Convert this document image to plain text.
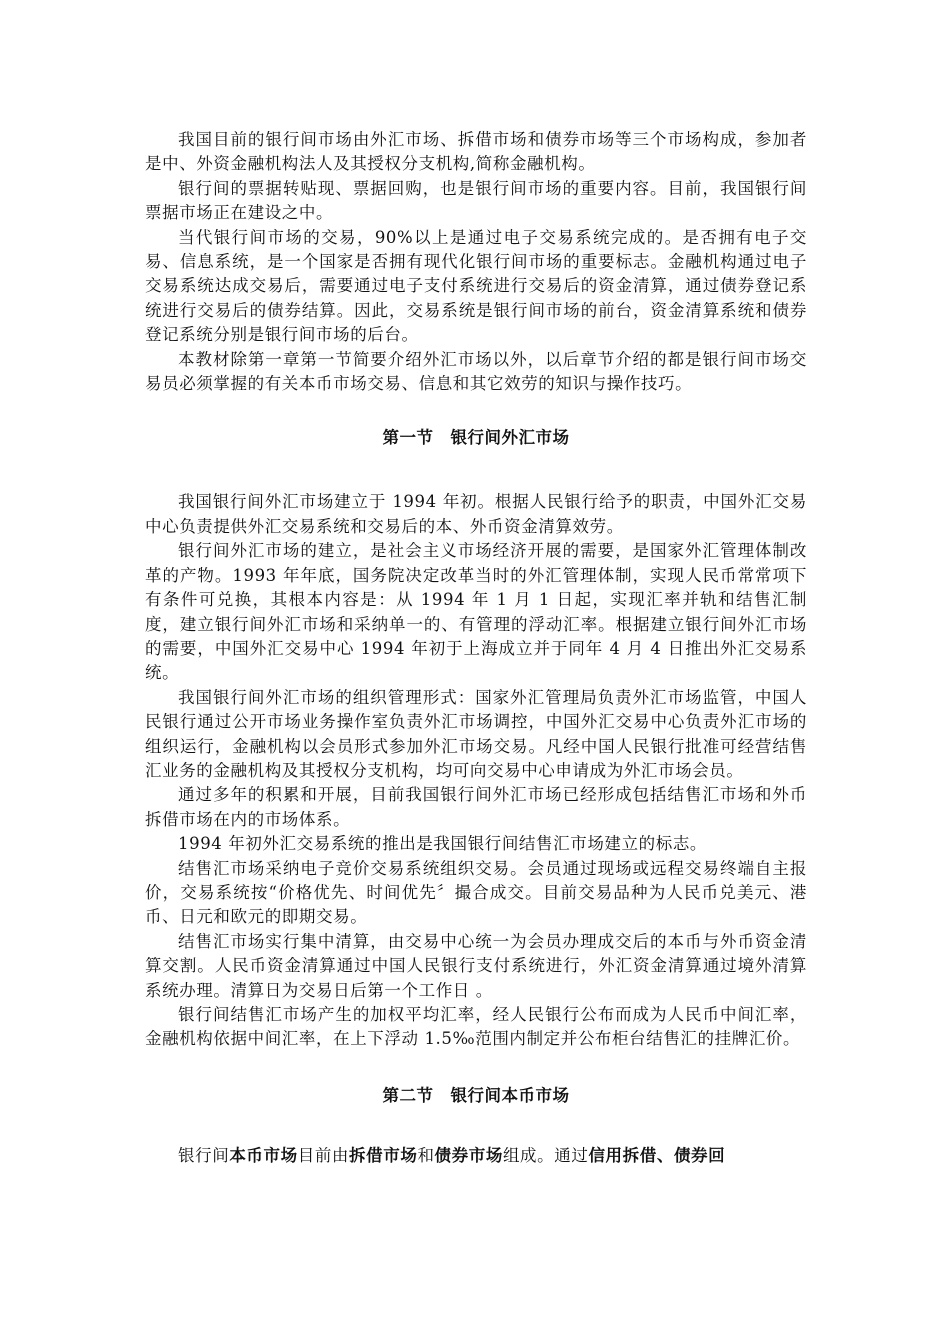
我国目前的银行间市场由外汇市场、拆借市场和债券市场等三个市场构成，参加者是中、外资金融机构法人及其授权分支机构,简称金融机构。

银行间的票据转贴现、票据回购，也是银行间市场的重要内容。目前，我国银行间票据市场正在建设之中。

当代银行间市场的交易，90%以上是通过电子交易系统完成的。是否拥有电子交易、信息系统，是一个国家是否拥有现代化银行间市场的重要标志。金融机构通过电子交易系统达成交易后，需要通过电子支付系统进行交易后的资金清算，通过债券登记系统进行交易后的债券结算。因此，交易系统是银行间市场的前台，资金清算系统和债券登记系统分别是银行间市场的后台。

本教材除第一章第一节简要介绍外汇市场以外，以后章节介绍的都是银行间市场交易员必须掌握的有关本币市场交易、信息和其它效劳的知识与操作技巧。

第一节　银行间外汇市场

我国银行间外汇市场建立于 1994 年初。根据人民银行给予的职责，中国外汇交易中心负责提供外汇交易系统和交易后的本、外币资金清算效劳。

银行间外汇市场的建立，是社会主义市场经济开展的需要，是国家外汇管理体制改革的产物。1993 年年底，国务院决定改革当时的外汇管理体制，实现人民币常常项下有条件可兑换，其根本内容是：从 1994 年 1 月 1 日起，实现汇率并轨和结售汇制度，建立银行间外汇市场和采纳单一的、有管理的浮动汇率。根据建立银行间外汇市场的需要，中国外汇交易中心 1994 年初于上海成立并于同年 4 月 4 日推出外汇交易系统。

我国银行间外汇市场的组织管理形式：国家外汇管理局负责外汇市场监管，中国人民银行通过公开市场业务操作室负责外汇市场调控，中国外汇交易中心负责外汇市场的组织运行，金融机构以会员形式参加外汇市场交易。凡经中国人民银行批准可经营结售汇业务的金融机构及其授权分支机构，均可向交易中心申请成为外汇市场会员。

通过多年的积累和开展，目前我国银行间外汇市场已经形成包括结售汇市场和外币拆借市场在内的市场体系。

1994 年初外汇交易系统的推出是我国银行间结售汇市场建立的标志。

结售汇市场采纳电子竞价交易系统组织交易。会员通过现场或远程交易终端自主报价，交易系统按“价格优先、时间优先〞撮合成交。目前交易品种为人民币兑美元、港币、日元和欧元的即期交易。

结售汇市场实行集中清算，由交易中心统一为会员办理成交后的本币与外币资金清算交割。人民币资金清算通过中国人民银行支付系统进行，外汇资金清算通过境外清算系统办理。清算日为交易日后第一个工作日 。

银行间结售汇市场产生的加权平均汇率，经人民银行公布而成为人民币中间汇率，金融机构依据中间汇率，在上下浮动 1.5‰范围内制定并公布柜台结售汇的挂牌汇价。

第二节　银行间本币市场

银行间本币市场目前由拆借市场和债券市场组成。通过信用拆借、债券回
